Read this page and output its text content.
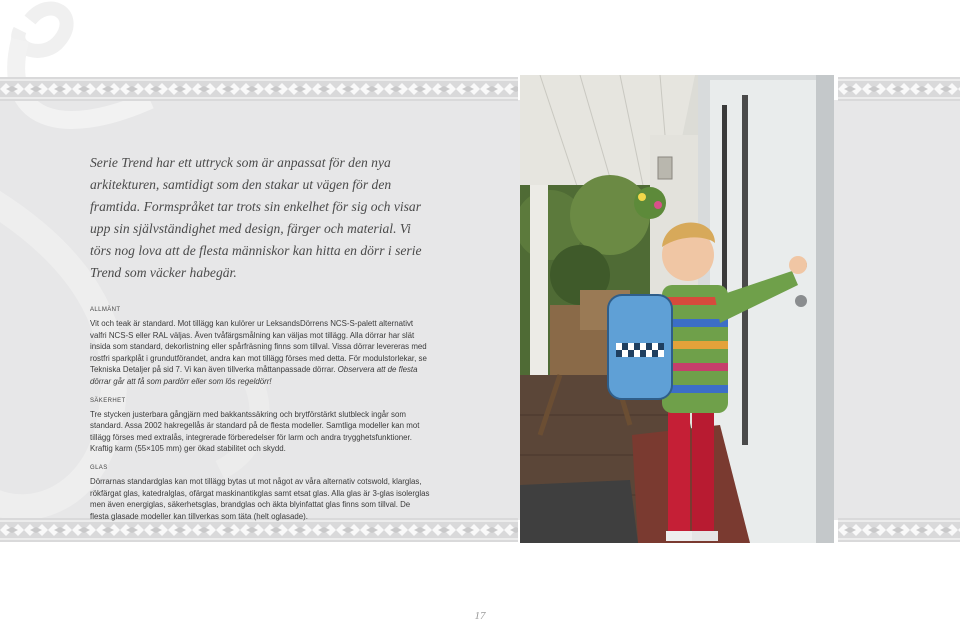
Serie Trend har ett uttryck som är anpassat för den nya arkitekturen, samtidigt som den stakar ut vägen för den framtida. Formspråket tar trots sin enkelhet för sig och visar upp sin självständighet med design, färger och material. Vi törs nog lova att de flesta människor kan hitta en dörr i serie Trend som väcker habegär.

ALLMÄNT
Vit och teak är standard. Mot tillägg kan kulörer ur LeksandsDörrens NCS-S-palett alternativt valfri NCS-S eller RAL väljas. Även tvåfärgsmålning kan väljas mot tillägg. Alla dörrar har slät insida som standard, dekorlistning eller spårfräsning finns som tillval. Vissa dörrar levereras med rostfri sparkplåt i grundutförandet, andra kan mot tillägg förses med detta. För modulstorlekar, se Tekniska Detaljer på sid 7. Vi kan även tillverka måttanpassade dörrar. Observera att de flesta dörrar går att få som pardörr eller som lös regeldörr!
SÄKERHET
Tre stycken justerbara gångjärn med bakkantssäkring och brytförstärkt slutbleck ingår som standard. Assa 2002 hakregellås är standard på de flesta modeller. Samtliga modeller kan mot tillägg förses med extralås, integrerade förberedelser för larm och andra trygghetsfunktioner. Kraftig karm (55×105 mm) ger ökad stabilitet och skydd.
GLAS
Dörrarnas standardglas kan mot tillägg bytas ut mot något av våra alternativ cotswold, klarglas, rökfärgat glas, katedralglas, ofärgat maskinantikglas samt etsat glas. Alla glas är 3-glas isolerglas men även energiglas, säkerhetsglas, brandglas och äkta blyinfattat glas finns som tillval. De flesta glasade modeller kan tillverkas som täta (helt oglasade).
17
